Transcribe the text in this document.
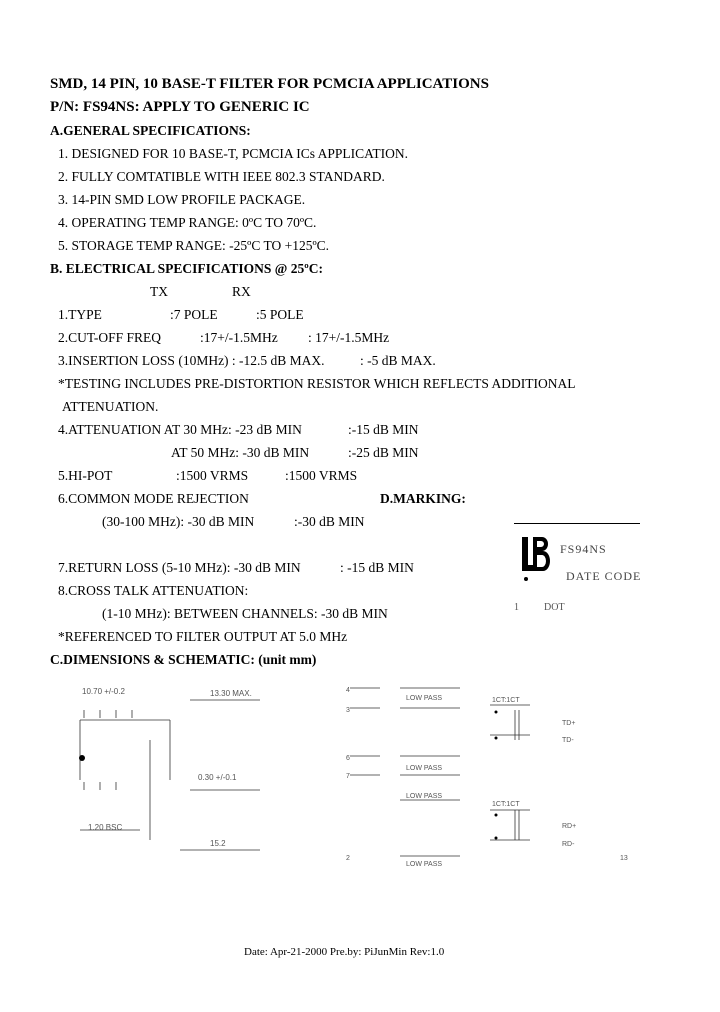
SMD, 14 PIN, 10 BASE-T FILTER FOR PCMCIA APPLICATIONS
P/N: FS94NS: APPLY TO GENERIC IC
A.GENERAL SPECIFICATIONS:
1. DESIGNED FOR 10 BASE-T, PCMCIA ICs APPLICATION.
2. FULLY COMTATIBLE WITH IEEE 802.3 STANDARD.
3. 14-PIN SMD LOW PROFILE PACKAGE.
4. OPERATING TEMP RANGE: 0ºC TO 70ºC.
5. STORAGE TEMP RANGE: -25ºC TO +125ºC.
B. ELECTRICAL SPECIFICATIONS @ 25ºC:
TX	RX
1.TYPE	:7 POLE	:5 POLE
2.CUT-OFF FREQ	:17+/-1.5MHz : 17+/-1.5MHz
3.INSERTION LOSS (10MHz) : -12.5 dB MAX.	: -5 dB MAX.
*TESTING INCLUDES PRE-DISTORTION RESISTOR WHICH REFLECTS ADDITIONAL
ATTENUATION.
4.ATTENUATION AT 30 MHz: -23 dB MIN	:-15 dB MIN
AT 50 MHz: -30 dB MIN	:-25 dB MIN
5.HI-POT	:1500 VRMS	:1500 VRMS
6.COMMON MODE REJECTION	D.MARKING:
(30-100 MHz): -30 dB MIN	:-30 dB MIN
7.RETURN LOSS (5-10 MHz): -30 dB MIN	: -15 dB MIN
8.CROSS TALK ATTENUATION:
(1-10 MHz): BETWEEN CHANNELS: -30 dB MIN
*REFERENCED TO FILTER OUTPUT AT 5.0 MHz
FS94NS
DATE CODE
1          DOT
C.DIMENSIONS & SCHEMATIC: (unit mm)
10.70 +/-0.2	13.30 MAX.
0.30 +/-0.1
15.2
1.20 BSC
4
3
6
7
2	13
LOW PASS
LOW PASS
LOW PASS
LOW PASS
1CT:1CT
1CT:1CT
TD+
TD-
RD+
RD-
Date: Apr-21-2000 Pre.by: PiJunMin Rev:1.0
